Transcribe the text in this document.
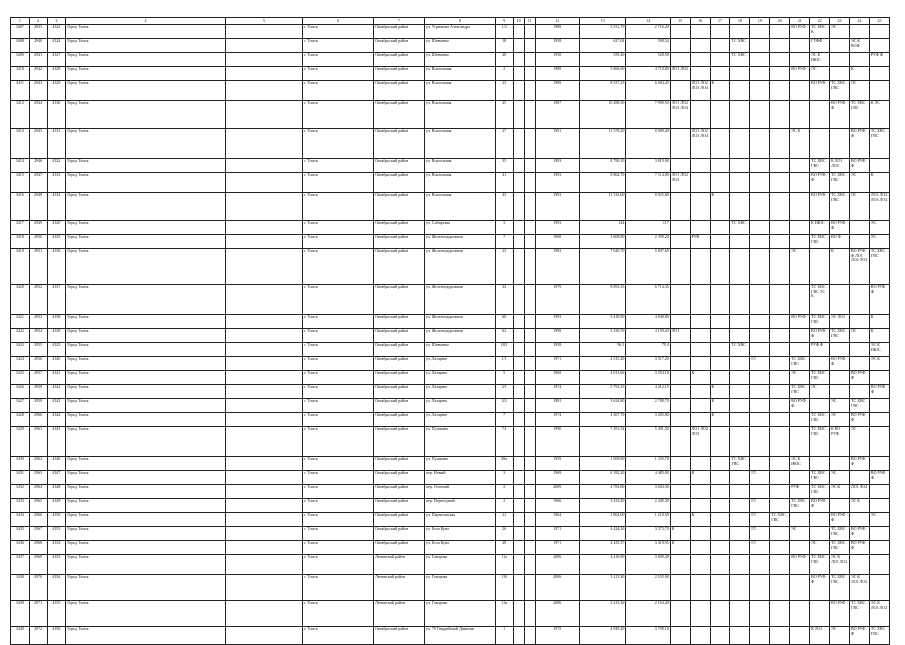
1	2	3	4	5	6	7	8	9	10	11	12	13	14	15	16	17	18	19	20	21	22	23	24	25
3407	2935	4322	Город Томск		г. Томск	Октябрьский район	ул. Угрюмова Александра	1/2			1988	3 531,70	2 716,20							ВО РУФ	ТС ХВС К	ЭС		
3408	2940	4324	Город Томск		г. Томск	Октябрьский район	ул. Шевченко	18			1958	627,04	598,54				ТС ХВС				ГУФФ		ЭС К ВОФ	
3409	2941	4327	Город Томск		г. Томск	Октябрьский район	ул. Шевченко	20			1958	559,20	528,50				ТС ХВС				ЭС К НЮС			РУФ Ф
3410	2942	4328	Город Томск		г. Томск	Октябрьский район	ул. Вокзальная	2			1988	5 866,00	4 710,80	ЛО1 ЛО2						ВО РУФ	ЭС		К	
3411	2943	4329	Город Томск		г. Томск	Октябрьский район	ул. Вокзальная	23			1989	8 537,23	6 684,45		ЛО1 ЛО2 ЛО3 ЛО4	К					ВО РУФ	ТС ХВС ГВС	ЭС	
3412	2944	4330	Город Томск		г. Томск	Октябрьский район	ул. Вокзальная	25			1987	10 288,50	7 990,50	ЛО1 ЛО2 ЛО3 ЛО4								ВО РУФ Ф	ТС ХВС ГВС	К ЭС
3413	2945	4331	Город Томск		г. Томск	Октябрьский район	ул. Вокзальная	27			1991	11 578,20	8 909,40		ЛО1 ЛО2 ЛО3 ЛО4					ЭС К			ВО РУФ Ф	ТС ХВС ГВС
3414	2946	4332	Город Томск		г. Томск	Октябрьский район	ул. Вокзальная	35			1993	4 790,10	3 819,90								ТС ХВС ГВС	К ЛО1 ЛО2	ВО РУФ Ф	
3415	2947	4333	Город Томск		г. Томск	Октябрьский район	ул. Вокзальная	41			1993	8 862,70	7 114,00	ЛО1 ЛО2 ЛО3							ВО РУФ Ф	ТС ХВС ГВС	ЭС	К
3416	2948	4334	Город Томск		г. Томск	Октябрьский район	ул. Вокзальная	43			1993	11 133,60	8 925,80			К					ВО РУФ	ТС ХВС ГВС	ЭС	ЛО1 ЛО2 ЛО3 ЛО4
3417	2949	4320	Город Томск		г. Томск	Октябрьский район	ул. Сибирская	3			1953	144	117				ТС ХВС				К НЮС	ВО РУФ Ф		ЭС
3418	2950	4335	Город Томск		г. Томск	Октябрьский район	ул. Железнодорожная	7			1968	3 608,80	2 399,20		РУФ						ТС ХВС ГВС	ВО Ф		ЭС
3419	2951	4336	Город Томск		г. Томск	Октябрьский район	ул. Железнодорожная	23			1983	7 040,70	5 847,60							ЭС		К	ВО РУФ Ф ЛО1 ЛО2 ЛО3	ТС ХВС ГВС
3420	2952	4337	Город Томск		г. Томск	Октябрьский район	ул. Железнодорожная	32			1979	8 093,35	6 714,35								ТС ХВС ГВС ЭС К			ВО РУФ Ф
3421	2953	4338	Город Томск		г. Томск	Октябрьский район	ул. Железнодорожная	60			1993	5 418,50	4 048,80							ВО РУФ	ТС ХВС ГВС	ЭС ЛО1		К
3422	2954	4339	Город Томск		г. Томск	Октябрьский район	ул. Железнодорожная	62			1998	5 239,76	4 159,43	ЛО1							ВО РУФ Ф	ТС ХВС ГВС	ЭС	К
3423	2955	4325	Город Томск		г. Томск	Октябрьский район	ул. Шевченко	18/1			1958	96,1	79,4				ТС ХВС				РУФ Ф			ЭС К НЮС
3424	2956	4340	Город Томск		г. Томск	Октябрьский район	ул. Лазарева	1/1			1971	4 515,20	3 517,20					ГС		ТС ХВС ГВС		ВО РУФ Ф		ЭС К
3425	2957	4341	Город Томск		г. Томск	Октябрьский район	ул. Лазарева	5			1969	4 613,66	3 554,10		К					ЭС	ТС ХВС ГВС		ВО РУФ Ф	
3426	2958	4342	Город Томск		г. Томск	Октябрьский район	ул. Лазарева	3/1			1974	5 792,35	4 412,15			К				ТС ХВС ГВС	ЭС			ВО РУФ Ф
3427	2959	4343	Город Томск		г. Томск	Октябрьский район	ул. Лазарева	3/2			1981	3 624,80	2 708,70			К				ВО РУФ Ф		ЭС	ТС ХВС ГВС	
3428	2960	4344	Город Томск		г. Томск	Октябрьский район	ул. Лазарева	7			1974	4 367,70	3 205,80			К					ТС ХВС ГВС	ЭС	ВО РУФ Ф	
3429	2961	4345	Город Томск		г. Томск	Октябрьский район	ул. Пушкина	73			1990	7 291,54	5 491,50		ЛО1 ЛО2 ЛО3						ТС ХВС ГВС	К ВО РУФ	ЭС	
3430	2962	4346	Город Томск		г. Томск	Октябрьский район	ул. Пушкина	49а			1959	1 509,00	1 335,70				ТС ХВС ГВС			ЭС К НЮС			ВО РУФ Ф	
3431	2963	4347	Город Томск		г. Томск	Октябрьский район	пер. Новый	3			1969	6 182,20	4 485,00		К			ГС			ТС ХВС ГВС	ЭС		ВО РУФ Ф
3432	2964	4348	Город Томск		г. Томск	Октябрьский район	пер. Осенний	2			2009	4 783,80	3 604,30							РУФ	ТС ХВС ГВС	ЭС К	ЛО1 ЛО2	
3433	2965	4349	Город Томск		г. Томск	Октябрьский район	пер. Переездный	2			1966	3 233,40	2 449,30					ГС		ТС ХВС ГВС	ВО РУФ Ф		ЭС К	
3434	2966	4350	Город Томск		г. Томск	Октябрьский район	ул. Партизанская	21			1964	1 804,00	1 210,50		К			ГС	ТС ХВС ГВС			ВО РУФ Ф		ЭС
3435	2967	4353	Город Томск		г. Томск	Октябрьский район	ул. Бела Куна	26			1971	4 424,30	3 373,70	К				ГС		ЭС		ТС ХВС ГВС	ВО РУФ Ф	
3436	2968	4352	Город Томск		г. Томск	Октябрьский район	ул. Бела Куна	28			1971	4 435,37	3 410,95	К				ГС			ЭС	ТС ХВС ГВС	ВО РУФ Ф	
3437	2969	4353	Город Томск		г. Томск	Ленинский район	ул. Говорова	11а			2006	4 416,90	3 609,40							ВО РУФ	ТС ХВС ГВС	ЭС К ЛО1 ЛО2		
3438	2970	4354	Город Томск		г. Томск	Ленинский район	ул. Говорова	11б			2006	3 213,30	2 535,90								ВО РУФ Ф	ТС ХВС ГВС	ЭС К ЛО1 ЛО2	
3439	2971	4355	Город Томск		г. Томск	Ленинский район	ул. Говорова	11в			2006	3 213,36	2 164,40									ВО РУФ	ТС ХВС ГВС	ЭС К ЛО1 ЛО2
3440	2972	4356	Город Томск		г. Томск	Октябрьский район	ул. 79 Гвардейской Дивизии	1			1975	4 949,20	3 798,10								К ЛО1	ЭС	ВО РУФ Ф	ТС ХВС ГВС
